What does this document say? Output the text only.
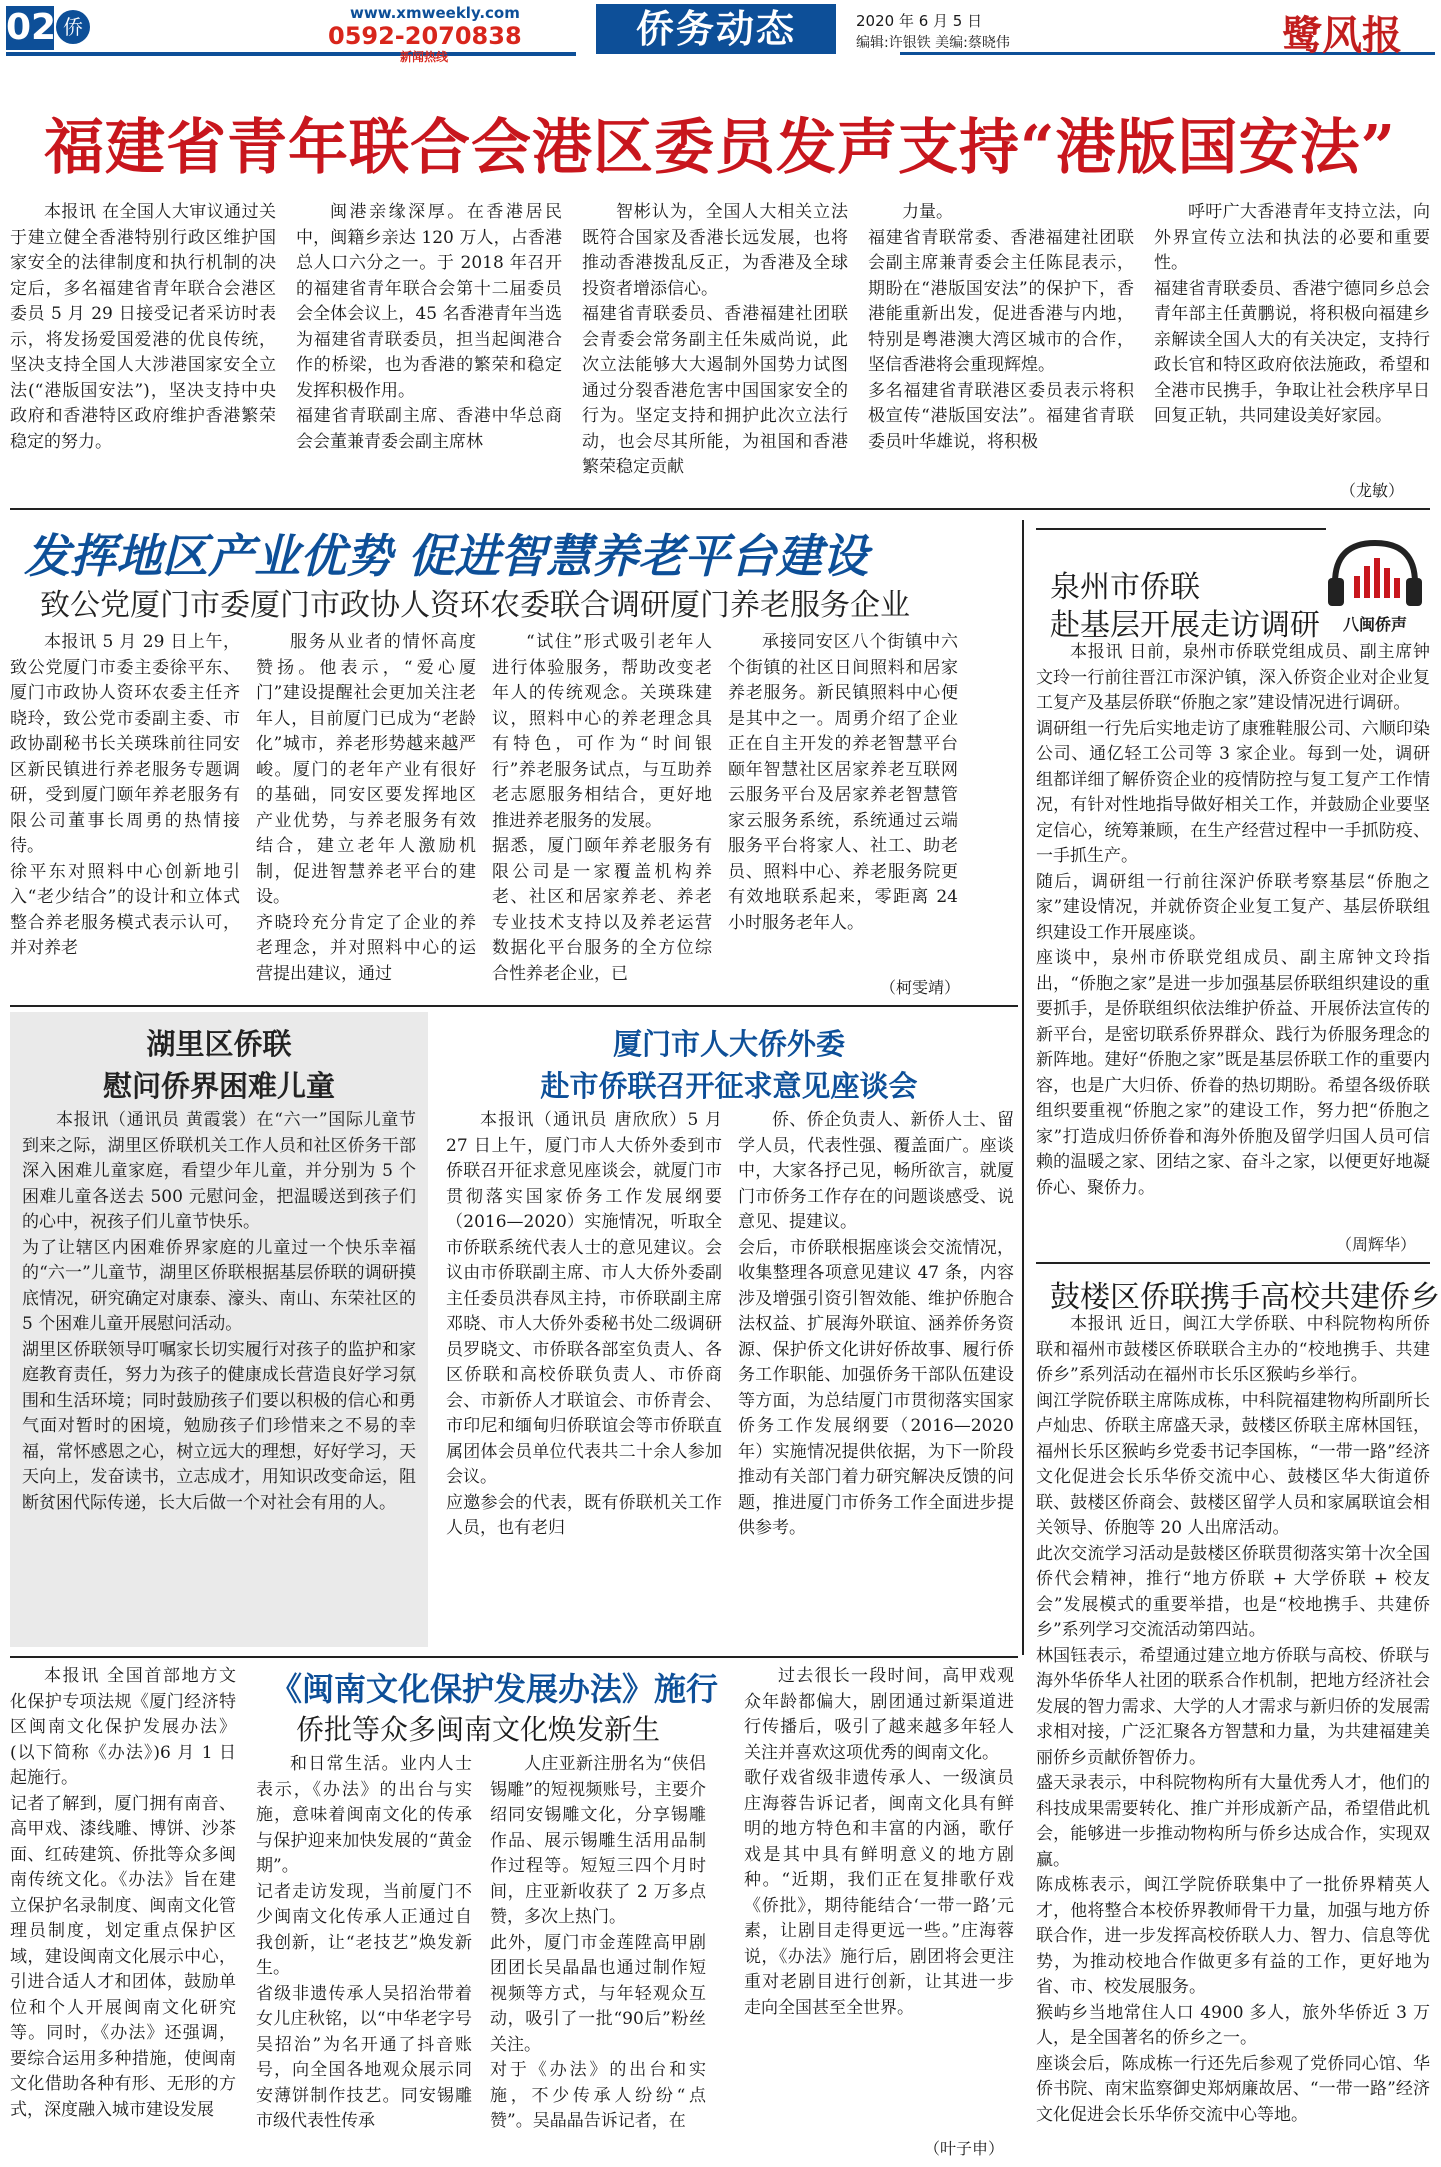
02 侨
www.xmweekly.com
0592-2070838
新闻热线
侨务动态	2020 年 6 月 5 日
编辑:许银铁 美编:蔡晓伟	鹭风报
福建省青年联合会港区委员发声支持“港版国安法”

本报讯 在全国人大审议通过关于建立健全香港特别行政区维护国家安全的法律制度和执行机制的决定后，多名福建省青年联合会港区委员 5 月 29 日接受记者采访时表示，将发扬爱国爱港的优良传统，坚决支持全国人大涉港国家安全立法(“港版国安法”)，坚决支持中央政府和香港特区政府维护香港繁荣稳定的努力。

闽港亲缘深厚。在香港居民中，闽籍乡亲达 120 万人，占香港总人口六分之一。于 2018 年召开的福建省青年联合会第十二届委员会全体会议上，45 名香港青年当选为福建省青联委员，担当起闽港合作的桥梁，也为香港的繁荣和稳定发挥积极作用。
福建省青联副主席、香港中华总商会会董兼青委会副主席林

智彬认为，全国人大相关立法既符合国家及香港长远发展，也将推动香港拨乱反正，为香港及全球投资者增添信心。
福建省青联委员、香港福建社团联会青委会常务副主任朱威尚说，此次立法能够大大遏制外国势力试图通过分裂香港危害中国国家安全的行为。坚定支持和拥护此次立法行动，也会尽其所能，为祖国和香港繁荣稳定贡献

力量。
福建省青联常委、香港福建社团联会副主席兼青委会主任陈昆表示，期盼在“港版国安法”的保护下，香港能重新出发，促进香港与内地，特别是粤港澳大湾区城市的合作，坚信香港将会重现辉煌。
多名福建省青联港区委员表示将积极宣传“港版国安法”。福建省青联委员叶华雄说，将积极

呼吁广大香港青年支持立法，向外界宣传立法和执法的必要和重要性。
福建省青联委员、香港宁德同乡总会青年部主任黄鹏说，将积极向福建乡亲解读全国人大的有关决定，支持行政长官和特区政府依法施政，希望和全港市民携手，争取让社会秩序早日回复正轨，共同建设美好家园。

（龙敏）
发挥地区产业优势 促进智慧养老平台建设
致公党厦门市委厦门市政协人资环农委联合调研厦门养老服务企业

本报讯 5 月 29 日上午，致公党厦门市委主委徐平东、厦门市政协人资环农委主任齐晓玲，致公党市委副主委、市政协副秘书长关瑛珠前往同安区新民镇进行养老服务专题调研，受到厦门颐年养老服务有限公司董事长周勇的热情接待。
徐平东对照料中心创新地引入“老少结合”的设计和立体式整合养老服务模式表示认可，并对养老

服务从业者的情怀高度赞扬。他表示，“爱心厦门”建设提醒社会更加关注老年人，目前厦门已成为“老龄化”城市，养老形势越来越严峻。厦门的老年产业有很好的基础，同安区要发挥地区产业优势，与养老服务有效结合，建立老年人激励机制，促进智慧养老平台的建设。
齐晓玲充分肯定了企业的养老理念，并对照料中心的运营提出建议，通过

“试住”形式吸引老年人进行体验服务，帮助改变老年人的传统观念。关瑛珠建议，照料中心的养老理念具有特色，可作为“时间银行”养老服务试点，与互助养老志愿服务相结合，更好地推进养老服务的发展。
据悉，厦门颐年养老服务有限公司是一家覆盖机构养老、社区和居家养老、养老专业技术支持以及养老运营数据化平台服务的全方位综合性养老企业，已

承接同安区八个街镇中六个街镇的社区日间照料和居家养老服务。新民镇照料中心便是其中之一。周勇介绍了企业正在自主开发的养老智慧平台颐年智慧社区居家养老互联网云服务平台及居家养老智慧管家云服务系统，系统通过云端服务平台将家人、社工、助老员、照料中心、养老服务院更有效地联系起来，零距离 24 小时服务老年人。

（柯雯靖）
八闽侨声
泉州市侨联
赴基层开展走访调研

本报讯 日前，泉州市侨联党组成员、副主席钟文玲一行前往晋江市深沪镇，深入侨资企业对企业复工复产及基层侨联“侨胞之家”建设情况进行调研。
调研组一行先后实地走访了康雅鞋服公司、六顺印染公司、通亿轻工公司等 3 家企业。每到一处，调研组都详细了解侨资企业的疫情防控与复工复产工作情况，有针对性地指导做好相关工作，并鼓励企业要坚定信心，统筹兼顾，在生产经营过程中一手抓防疫、一手抓生产。
随后，调研组一行前往深沪侨联考察基层“侨胞之家”建设情况，并就侨资企业复工复产、基层侨联组织建设工作开展座谈。
座谈中，泉州市侨联党组成员、副主席钟文玲指出，“侨胞之家”是进一步加强基层侨联组织建设的重要抓手，是侨联组织依法维护侨益、开展侨法宣传的新平台，是密切联系侨界群众、践行为侨服务理念的新阵地。建好“侨胞之家”既是基层侨联工作的重要内容，也是广大归侨、侨眷的热切期盼。希望各级侨联组织要重视“侨胞之家”的建设工作，努力把“侨胞之家”打造成归侨侨眷和海外侨胞及留学归国人员可信赖的温暖之家、团结之家、奋斗之家，以便更好地凝侨心、聚侨力。

（周辉华）
鼓楼区侨联携手高校共建侨乡

本报讯 近日，闽江大学侨联、中科院物构所侨联和福州市鼓楼区侨联联合主办的“校地携手、共建侨乡”系列活动在福州市长乐区猴屿乡举行。
闽江学院侨联主席陈成栋，中科院福建物构所副所长卢灿忠、侨联主席盛天录，鼓楼区侨联主席林国钰，福州长乐区猴屿乡党委书记李国栋，“一带一路”经济文化促进会长乐华侨交流中心、鼓楼区华大街道侨联、鼓楼区侨商会、鼓楼区留学人员和家属联谊会相关领导、侨胞等 20 人出席活动。
此次交流学习活动是鼓楼区侨联贯彻落实第十次全国侨代会精神，推行“地方侨联 + 大学侨联 + 校友会”发展模式的重要举措，也是“校地携手、共建侨乡”系列学习交流活动第四站。
林国钰表示，希望通过建立地方侨联与高校、侨联与海外华侨华人社团的联系合作机制，把地方经济社会发展的智力需求、大学的人才需求与新归侨的发展需求相对接，广泛汇聚各方智慧和力量，为共建福建美丽侨乡贡献侨智侨力。
盛天录表示，中科院物构所有大量优秀人才，他们的科技成果需要转化、推广并形成新产品，希望借此机会，能够进一步推动物构所与侨乡达成合作，实现双赢。
陈成栋表示，闽江学院侨联集中了一批侨界精英人才，他将整合本校侨界教师骨干力量，加强与地方侨联合作，进一步发挥高校侨联人力、智力、信息等优势，为推动校地合作做更多有益的工作，更好地为省、市、校发展服务。
猴屿乡当地常住人口 4900 多人，旅外华侨近 3 万人，是全国著名的侨乡之一。
座谈会后，陈成栋一行还先后参观了党侨同心馆、华侨书院、南宋监察御史郑炳廉故居、“一带一路”经济文化促进会长乐华侨交流中心等地。

湖里区侨联
慰问侨界困难儿童

本报讯（通讯员 黄霞裳）在“六一”国际儿童节到来之际，湖里区侨联机关工作人员和社区侨务干部深入困难儿童家庭，看望少年儿童，并分别为 5 个困难儿童各送去 500 元慰问金，把温暖送到孩子们的心中，祝孩子们儿童节快乐。
为了让辖区内困难侨界家庭的儿童过一个快乐幸福的“六一”儿童节，湖里区侨联根据基层侨联的调研摸底情况，研究确定对康泰、濠头、南山、东荣社区的 5 个困难儿童开展慰问活动。
湖里区侨联领导叮嘱家长切实履行对孩子的监护和家庭教育责任，努力为孩子的健康成长营造良好学习氛围和生活环境；同时鼓励孩子们要以积极的信心和勇气面对暂时的困境，勉励孩子们珍惜来之不易的幸福，常怀感恩之心，树立远大的理想，好好学习，天天向上，发奋读书，立志成才，用知识改变命运，阻断贫困代际传递，长大后做一个对社会有用的人。

厦门市人大侨外委
赴市侨联召开征求意见座谈会

本报讯（通讯员 唐欣欣）5 月 27 日上午，厦门市人大侨外委到市侨联召开征求意见座谈会，就厦门市贯彻落实国家侨务工作发展纲要（2016—2020）实施情况，听取全市侨联系统代表人士的意见建议。会议由市侨联副主席、市人大侨外委副主任委员洪春凤主持，市侨联副主席邓晓、市人大侨外委秘书处二级调研员罗晓文、市侨联各部室负责人、各区侨联和高校侨联负责人、市侨商会、市新侨人才联谊会、市侨青会、市印尼和缅甸归侨联谊会等市侨联直属团体会员单位代表共二十余人参加会议。
应邀参会的代表，既有侨联机关工作人员，也有老归

侨、侨企负责人、新侨人士、留学人员，代表性强、覆盖面广。座谈中，大家各抒己见，畅所欲言，就厦门市侨务工作存在的问题谈感受、说意见、提建议。
会后，市侨联根据座谈会交流情况，收集整理各项意见建议 47 条，内容涉及增强引资引智效能、维护侨胞合法权益、扩展海外联谊、涵养侨务资源、保护侨文化讲好侨故事、履行侨务工作职能、加强侨务干部队伍建设等方面，为总结厦门市贯彻落实国家侨务工作发展纲要（2016—2020 年）实施情况提供依据，为下一阶段推动有关部门着力研究解决反馈的问题，推进厦门市侨务工作全面进步提供参考。

《闽南文化保护发展办法》施行
侨批等众多闽南文化焕发新生

本报讯 全国首部地方文化保护专项法规《厦门经济特区闽南文化保护发展办法》(以下简称《办法》)6 月 1 日起施行。
记者了解到，厦门拥有南音、高甲戏、漆线雕、博饼、沙茶面、红砖建筑、侨批等众多闽南传统文化。《办法》旨在建立保护名录制度、闽南文化管理员制度，划定重点保护区域，建设闽南文化展示中心，引进合适人才和团体，鼓励单位和个人开展闽南文化研究等。同时，《办法》还强调，要综合运用多种措施，使闽南文化借助各种有形、无形的方式，深度融入城市建设发展

和日常生活。业内人士表示，《办法》的出台与实施，意味着闽南文化的传承与保护迎来加快发展的“黄金期”。
记者走访发现，当前厦门不少闽南文化传承人正通过自我创新，让“老技艺”焕发新生。
省级非遗传承人吴招治带着女儿庄秋铭，以“中华老字号吴招治”为名开通了抖音账号，向全国各地观众展示同安薄饼制作技艺。同安锡雕市级代表性传承

人庄亚新注册名为“侠侣锡雕”的短视频账号，主要介绍同安锡雕文化，分享锡雕作品、展示锡雕生活用品制作过程等。短短三四个月时间，庄亚新收获了 2 万多点赞，多次上热门。
此外，厦门市金莲陞高甲剧团团长吴晶晶也通过制作短视频等方式，与年轻观众互动，吸引了一批“90后”粉丝关注。
对于《办法》的出台和实施，不少传承人纷纷“点赞”。吴晶晶告诉记者，在

过去很长一段时间，高甲戏观众年龄都偏大，剧团通过新渠道进行传播后，吸引了越来越多年轻人关注并喜欢这项优秀的闽南文化。
歌仔戏省级非遗传承人、一级演员庄海蓉告诉记者，闽南文化具有鲜明的地方特色和丰富的内涵，歌仔戏是其中具有鲜明意义的地方剧种。“近期，我们正在复排歌仔戏《侨批》，期待能结合‘一带一路’元素，让剧目走得更远一些。”庄海蓉说，《办法》施行后，剧团将会更注重对老剧目进行创新，让其进一步走向全国甚至全世界。

（叶子申）
